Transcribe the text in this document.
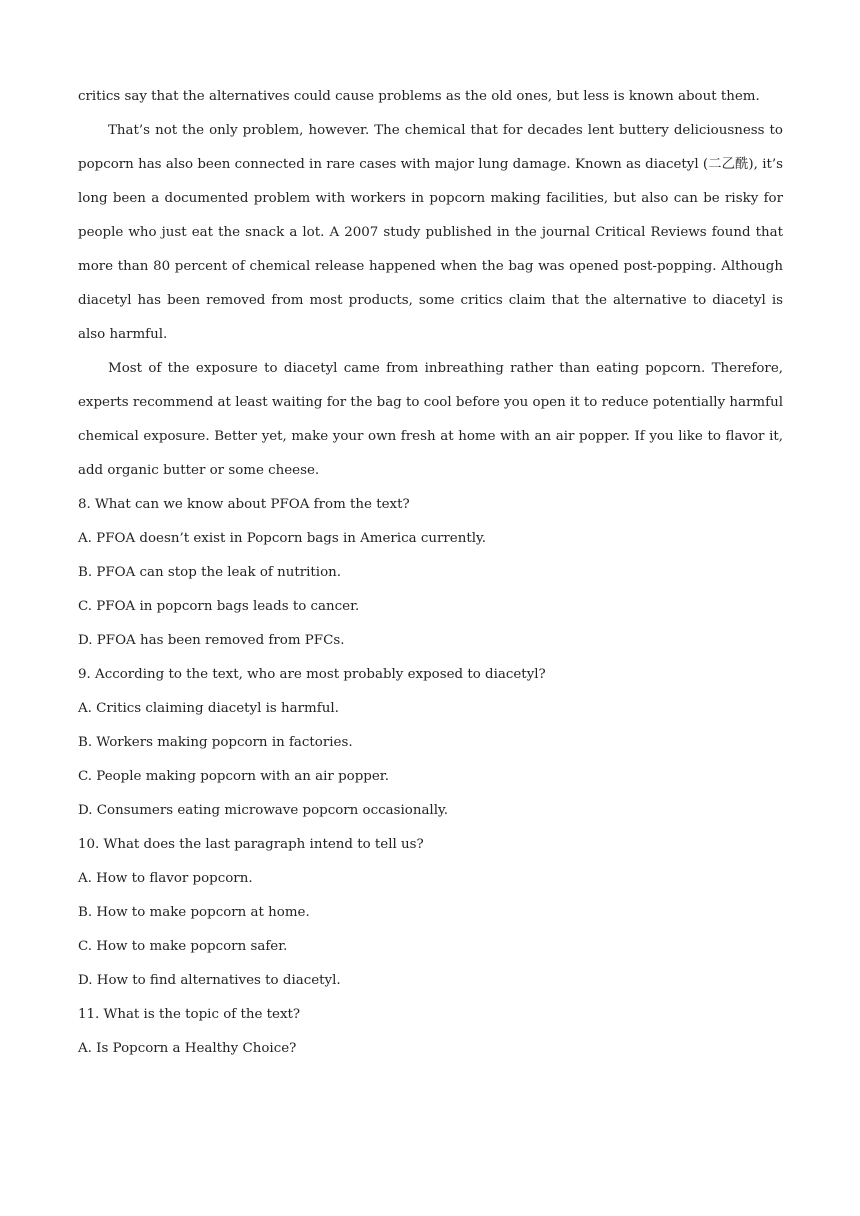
critics say that the alternatives could cause problems as the old ones, but less is known about them.

That’s not the only problem, however. The chemical that for decades lent buttery deliciousness to popcorn has also been connected in rare cases with major lung damage. Known as diacetyl (二乙酰), it’s long been a documented problem with workers in popcorn making facilities, but also can be risky for people who just eat the snack a lot. A 2007 study published in the journal Critical Reviews found that more than 80 percent of chemical release happened when the bag was opened post-popping. Although diacetyl has been removed from most products, some critics claim that the alternative to diacetyl is also harmful.

Most of the exposure to diacetyl came from inbreathing rather than eating popcorn. Therefore, experts recommend at least waiting for the bag to cool before you open it to reduce potentially harmful chemical exposure. Better yet, make your own fresh at home with an air popper. If you like to flavor it, add organic butter or some cheese.

8. What can we know about PFOA from the text?

A. PFOA doesn’t exist in Popcorn bags in America currently.

B. PFOA can stop the leak of nutrition.

C. PFOA in popcorn bags leads to cancer.

D. PFOA has been removed from PFCs.

9. According to the text, who are most probably exposed to diacetyl?

A. Critics claiming diacetyl is harmful.

B. Workers making popcorn in factories.

C. People making popcorn with an air popper.

D. Consumers eating microwave popcorn occasionally.

10. What does the last paragraph intend to tell us?

A. How to flavor popcorn.

B. How to make popcorn at home.

C. How to make popcorn safer.

D. How to find alternatives to diacetyl.

11. What is the topic of the text?

A. Is Popcorn a Healthy Choice?
